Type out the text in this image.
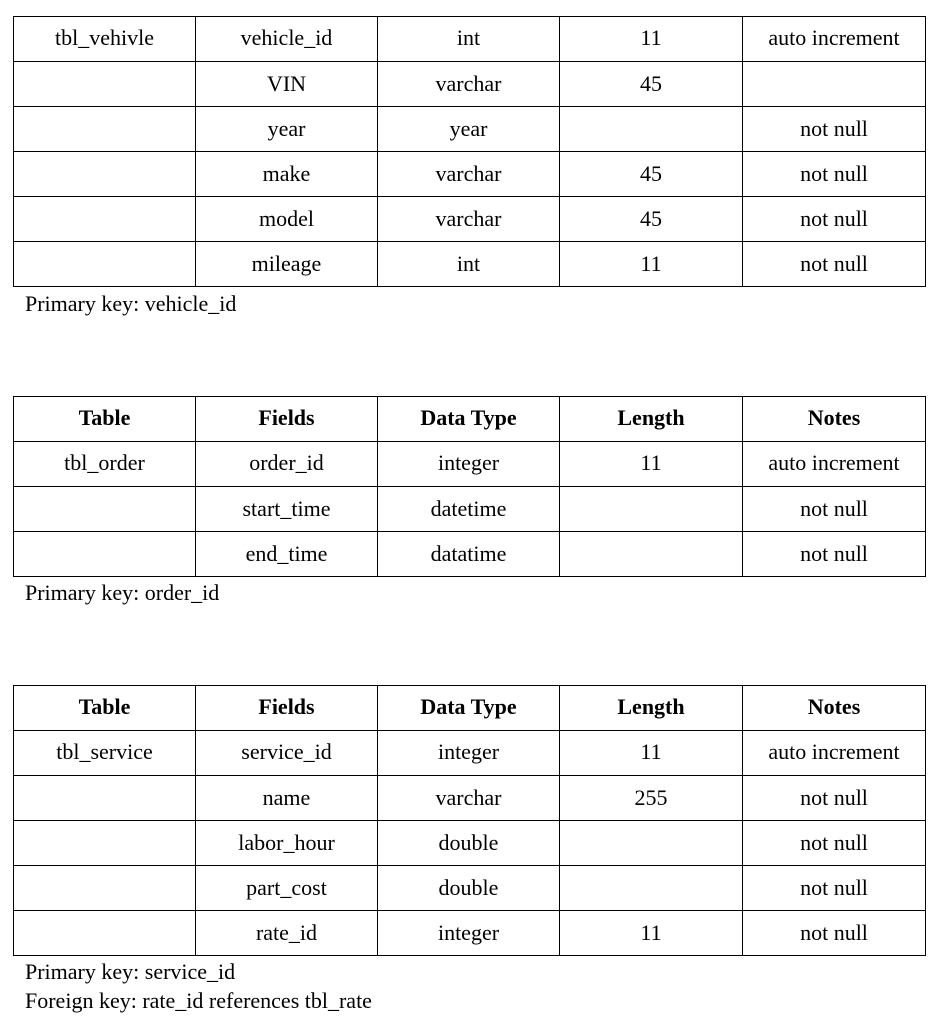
tbl_vehivle	vehicle_id	int	11	auto increment
	VIN	varchar	45	
	year	year		not null
	make	varchar	45	not null
	model	varchar	45	not null
	mileage	int	11	not null
Primary key: vehicle_id
Table	Fields	Data Type	Length	Notes
tbl_order	order_id	integer	11	auto increment
	start_time	datetime		not null
	end_time	datatime		not null
Primary key: order_id
Table	Fields	Data Type	Length	Notes
tbl_service	service_id	integer	11	auto increment
	name	varchar	255	not null
	labor_hour	double		not null
	part_cost	double		not null
	rate_id	integer	11	not null
Primary key: service_id
Foreign key: rate_id references tbl_rate
